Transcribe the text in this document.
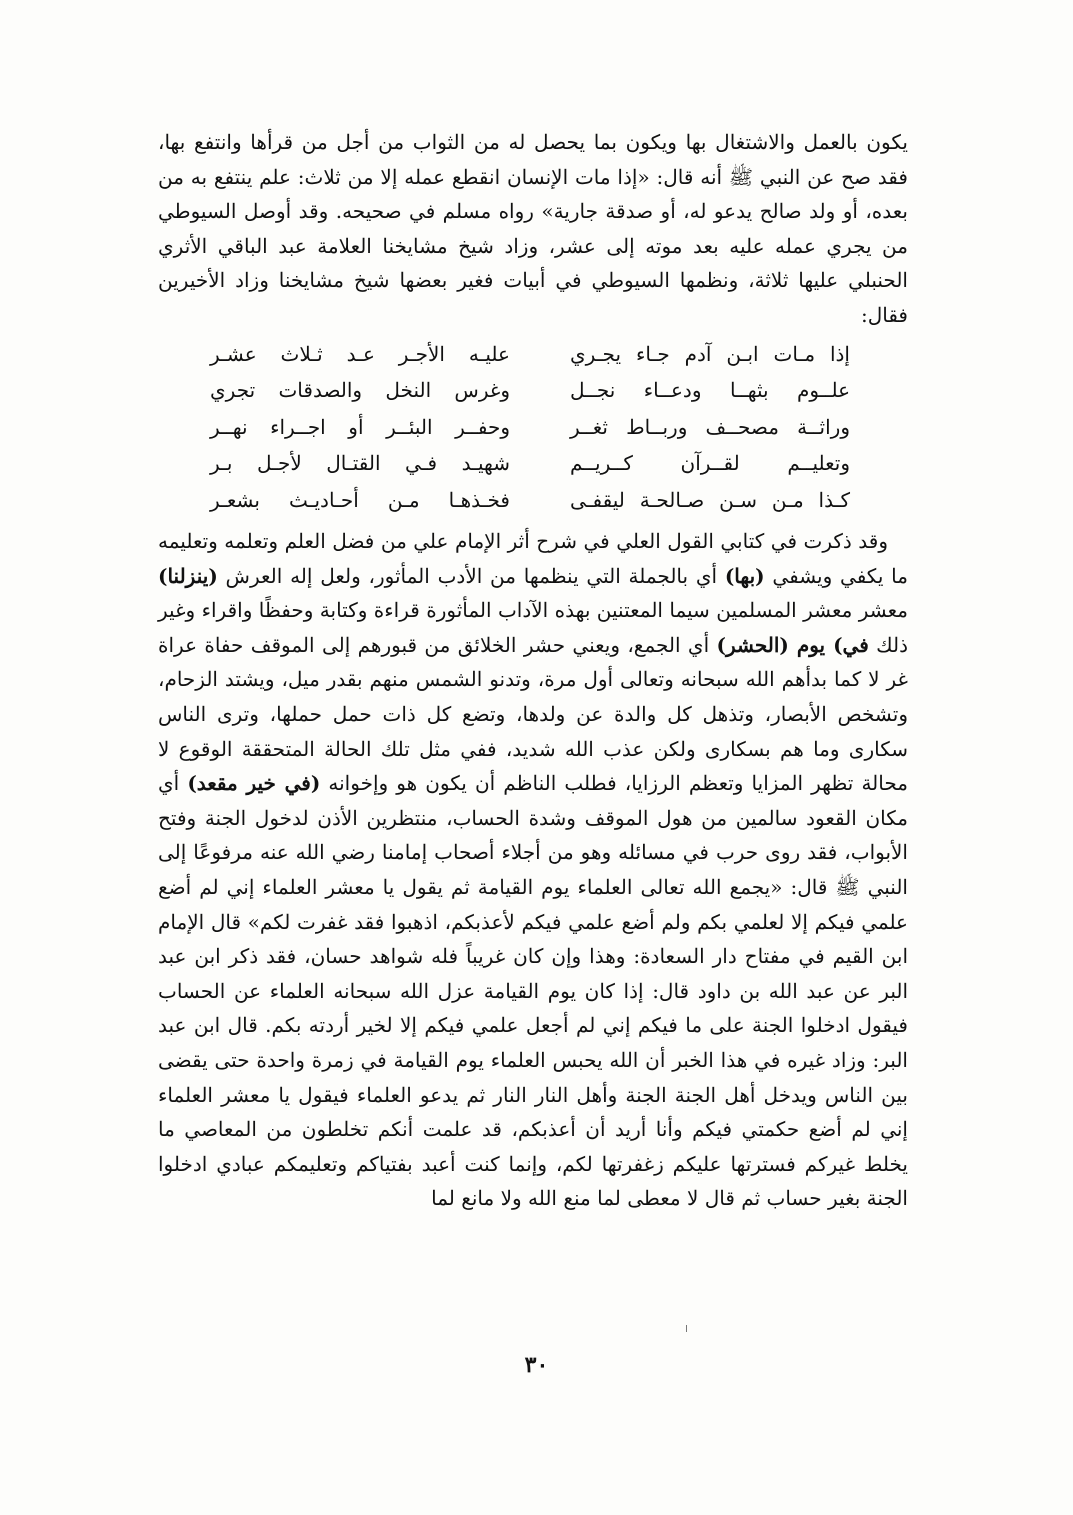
يكون بالعمل والاشتغال بها ويكون بما يحصل له من الثواب من أجل من قرأها وانتفع بها، فقد صح عن النبي ﷺ أنه قال: «إذا مات الإنسان انقطع عمله إلا من ثلاث: علم ينتفع به من بعده، أو ولد صالح يدعو له، أو صدقة جارية» رواه مسلم في صحيحه. وقد أوصل السيوطي من يجري عمله عليه بعد موته إلى عشر، وزاد شيخ مشايخنا العلامة عبد الباقي الأثري الحنبلي عليها ثلاثة، ونظمها السيوطي في أبيات فغير بعضها شيخ مشايخنا وزاد الأخيرين فقال:

إذا مـات ابـن آدم جـاء يجـري
عليـه الأجـر عـد ثـلاث عشـر
علــوم بثهــا ودعــاء نجــل
وغرس النخل والصدقات تجري
وراثــة مصحــف وربــاط ثغــر
وحفــر البئــر أو اجــراء نهــر
وتعليــم لقــرآن كــريــم
شهيـد فـي القتـال لأجـل بـر
كـذا مـن سـن صـالحـة ليقفـى
فخـذهـا مـن أحـاديـث بشعـر

وقد ذكرت في كتابي القول العلي في شرح أثر الإمام علي من فضل العلم وتعلمه وتعليمه ما يكفي ويشفي (بها) أي بالجملة التي ينظمها من الأدب المأثور، ولعل إله العرش (ينزلنا) معشر معشر المسلمين سيما المعتنين بهذه الآداب المأثورة قراءة وكتابة وحفظًا واقراء وغير ذلك في) يوم (الحشر) أي الجمع، ويعني حشر الخلائق من قبورهم إلى الموقف حفاة عراة غر لا كما بدأهم الله سبحانه وتعالى أول مرة، وتدنو الشمس منهم بقدر ميل، ويشتد الزحام، وتشخص الأبصار، وتذهل كل والدة عن ولدها، وتضع كل ذات حمل حملها، وترى الناس سكارى وما هم بسكارى ولكن عذب الله شديد، ففي مثل تلك الحالة المتحققة الوقوع لا محالة تظهر المزايا وتعظم الرزايا، فطلب الناظم أن يكون هو وإخوانه (في خير مقعد) أي مكان القعود سالمين من هول الموقف وشدة الحساب، منتظرين الأذن لدخول الجنة وفتح الأبواب، فقد روى حرب في مسائله وهو من أجلاء أصحاب إمامنا رضي الله عنه مرفوعًا إلى النبي ﷺ قال: «يجمع الله تعالى العلماء يوم القيامة ثم يقول يا معشر العلماء إني لم أضع علمي فيكم إلا لعلمي بكم ولم أضع علمي فيكم لأعذبكم، اذهبوا فقد غفرت لكم» قال الإمام ابن القيم في مفتاح دار السعادة: وهذا وإن كان غريباً فله شواهد حسان، فقد ذكر ابن عبد البر عن عبد الله بن داود قال: إذا كان يوم القيامة عزل الله سبحانه العلماء عن الحساب فيقول ادخلوا الجنة على ما فيكم إني لم أجعل علمي فيكم إلا لخير أردته بكم. قال ابن عبد البر: وزاد غيره في هذا الخبر أن الله يحبس العلماء يوم القيامة في زمرة واحدة حتى يقضى بين الناس ويدخل أهل الجنة الجنة وأهل النار النار ثم يدعو العلماء فيقول يا معشر العلماء إني لم أضع حكمتي فيكم وأنا أريد أن أعذبكم، قد علمت أنكم تخلطون من المعاصي ما يخلط غيركم فسترتها عليكم زغفرتها لكم، وإنما كنت أعبد بفتياكم وتعليمكم عبادي ادخلوا الجنة بغير حساب ثم قال لا معطى لما منع الله ولا مانع لما

٣٠
